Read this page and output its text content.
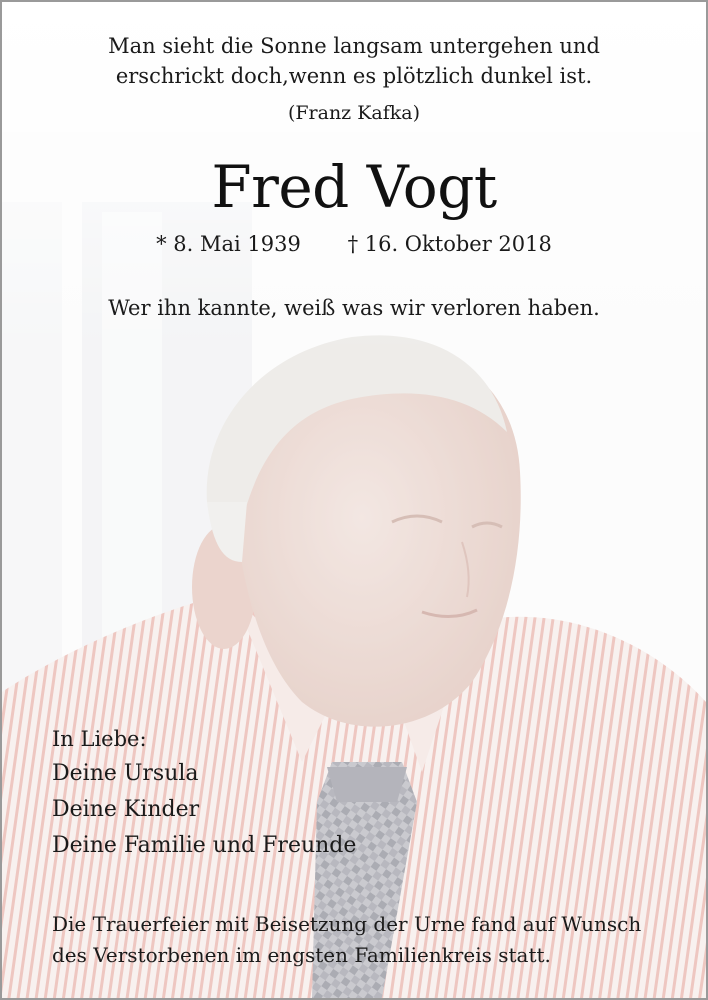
Man sieht die Sonne langsam untergehen und
erschrickt doch,wenn es plötzlich dunkel ist.
(Franz Kafka)
Fred Vogt
* 8. Mai 1939 † 16. Oktober 2018
Wer ihn kannte, weiß was wir verloren haben.
In Liebe:
Deine Ursula
Deine Kinder
Deine Familie und Freunde
Die Trauerfeier mit Beisetzung der Urne fand auf Wunsch
des Verstorbenen im engsten Familienkreis statt.
